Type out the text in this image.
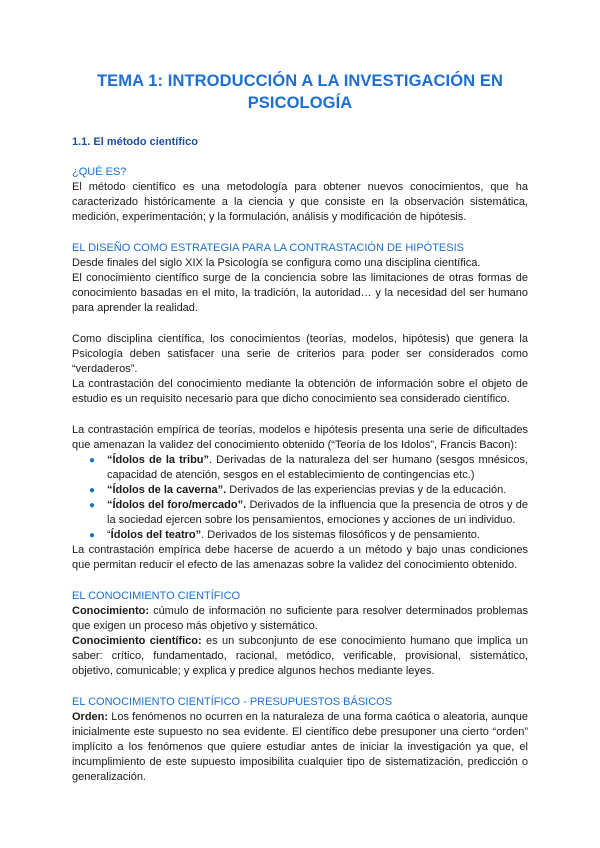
TEMA 1: INTRODUCCIÓN A LA INVESTIGACIÓN EN
PSICOLOGÍA
1.1. El método científico
¿QUÉ ES?

El método científico es una metodología para obtener nuevos conocimientos, que ha caracterizado históricamente a la ciencia y que consiste en la observación sistemática, medición, experimentación; y la formulación, análisis y modificación de hipótesis.

EL DISEÑO COMO ESTRATEGIA PARA LA CONTRASTACIÓN DE HIPÓTESIS

Desde finales del siglo XIX la Psicología se configura como una disciplina científica.

El conocimiento científico surge de la conciencia sobre las limitaciones de otras formas de conocimiento basadas en el mito, la tradición, la autoridad… y la necesidad del ser humano para aprender la realidad.

Como disciplina científica, los conocimientos (teorías, modelos, hipótesis) que genera la Psicología deben satisfacer una serie de criterios para poder ser considerados como “verdaderos”.

La contrastación del conocimiento mediante la obtención de información sobre el objeto de estudio es un requisito necesario para que dicho conocimiento sea considerado científico.

La contrastación empírica de teorías, modelos e hipótesis presenta una serie de dificultades que amenazan la validez del conocimiento obtenido (“Teoría de los Idolos”, Francis Bacon):

● “Ídolos de la tribu”. Derivadas de la naturaleza del ser humano (sesgos mnésicos, capacidad de atención, sesgos en el establecimiento de contingencias etc.)
● “Ídolos de la caverna”. Derivados de las experiencias previas y de la educación.
● “Ídolos del foro/mercado”. Derivados de la influencia que la presencia de otros y de la sociedad ejercen sobre los pensamientos, emociones y acciones de un individuo.
● “Ídolos del teatro”. Derivados de los sistemas filosóficos y de pensamiento.

La contrastación empírica debe hacerse de acuerdo a un método y bajo unas condiciones que permitan reducir el efecto de las amenazas sobre la validez del conocimiento obtenido.

EL CONOCIMIENTO CIENTÍFICO

Conocimiento: cúmulo de información no suficiente para resolver determinados problemas que exigen un proceso más objetivo y sistemático.

Conocimiento científico: es un subconjunto de ese conocimiento humano que implica un saber: crítico, fundamentado, racional, metódico, verificable, provisional, sistemático, objetivo, comunicable; y explica y predice algunos hechos mediante leyes.

EL CONOCIMIENTO CIENTÍFICO - PRESUPUESTOS BÁSICOS

Orden: Los fenómenos no ocurren en la naturaleza de una forma caótica o aleatoria, aunque inicialmente este supuesto no sea evidente. El científico debe presuponer una cierto “orden” implícito a los fenómenos que quiere estudiar antes de iniciar la investigación ya que, el incumplimiento de este supuesto imposibilita cualquier tipo de sistematización, predicción o generalización.
